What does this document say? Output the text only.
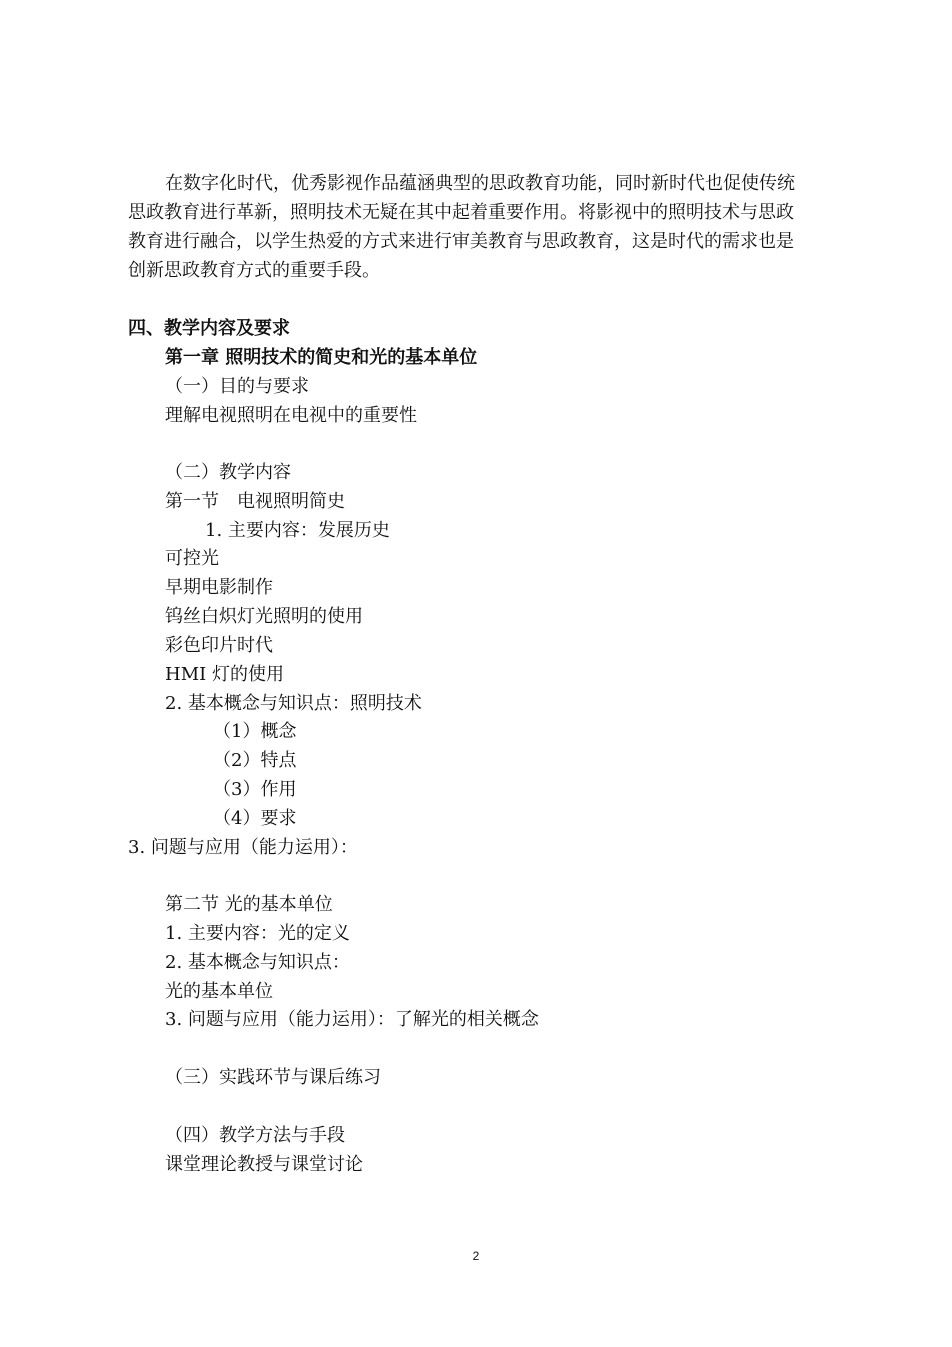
在数字化时代，优秀影视作品蕴涵典型的思政教育功能，同时新时代也促使传统
思政教育进行革新，照明技术无疑在其中起着重要作用。将影视中的照明技术与思政
教育进行融合，以学生热爱的方式来进行审美教育与思政教育，这是时代的需求也是
创新思政教育方式的重要手段。
四、教学内容及要求
第一章 照明技术的简史和光的基本单位
（一）目的与要求
理解电视照明在电视中的重要性
（二）教学内容
第一节　电视照明简史
1. 主要内容：发展历史
可控光
早期电影制作
钨丝白炽灯光照明的使用
彩色印片时代
HMI 灯的使用
2. 基本概念与知识点：照明技术
（1）概念
（2）特点
（3）作用
（4）要求
3. 问题与应用（能力运用）：
第二节 光的基本单位
1. 主要内容：光的定义
2. 基本概念与知识点：
光的基本单位
3. 问题与应用（能力运用）：了解光的相关概念
（三）实践环节与课后练习
（四）教学方法与手段
课堂理论教授与课堂讨论
2
